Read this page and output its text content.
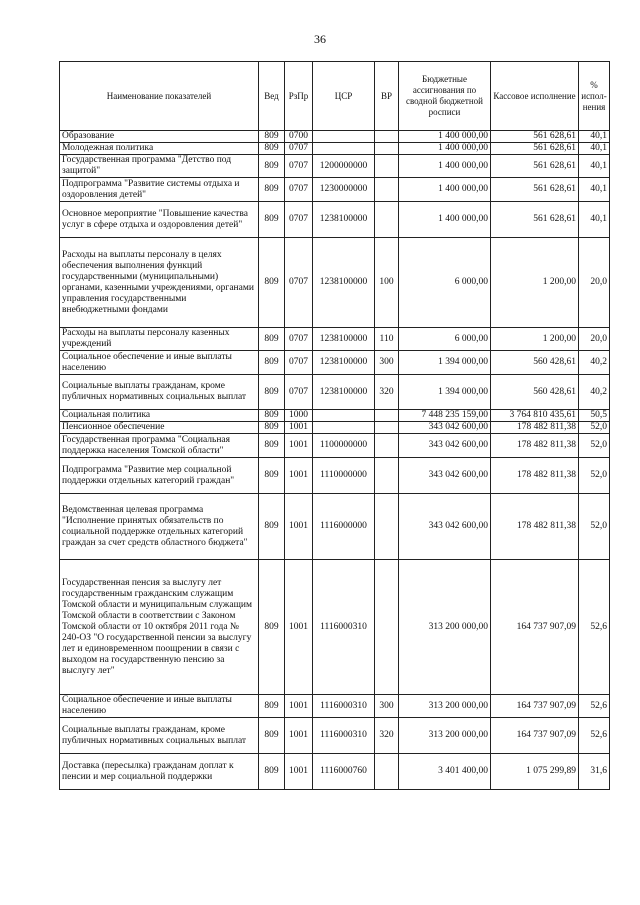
36
Наименование показателей	Вед	РзПр	ЦСР	ВР	Бюджетные ассигнования по сводной бюджетной росписи	Кассовое исполнение	% испол-нения
Образование	809	0700			1 400 000,00	561 628,61	40,1
Молодежная политика	809	0707			1 400 000,00	561 628,61	40,1
Государственная программа "Детство под защитой"	809	0707	1200000000		1 400 000,00	561 628,61	40,1
Подпрограмма "Развитие системы отдыха и оздоровления детей"	809	0707	1230000000		1 400 000,00	561 628,61	40,1
Основное мероприятие "Повышение качества услуг в сфере отдыха и оздоровления детей"	809	0707	1238100000		1 400 000,00	561 628,61	40,1
Расходы на выплаты персоналу в целях обеспечения выполнения функций государственными (муниципальными) органами, казенными учреждениями, органами управления государственными внебюджетными фондами	809	0707	1238100000	100	6 000,00	1 200,00	20,0
Расходы на выплаты персоналу казенных учреждений	809	0707	1238100000	110	6 000,00	1 200,00	20,0
Социальное обеспечение и иные выплаты населению	809	0707	1238100000	300	1 394 000,00	560 428,61	40,2
Социальные выплаты гражданам, кроме публичных нормативных социальных выплат	809	0707	1238100000	320	1 394 000,00	560 428,61	40,2
Социальная политика	809	1000			7 448 235 159,00	3 764 810 435,61	50,5
Пенсионное обеспечение	809	1001			343 042 600,00	178 482 811,38	52,0
Государственная программа "Социальная поддержка населения Томской области"	809	1001	1100000000		343 042 600,00	178 482 811,38	52,0
Подпрограмма "Развитие мер социальной поддержки отдельных категорий граждан"	809	1001	1110000000		343 042 600,00	178 482 811,38	52,0
Ведомственная целевая программа "Исполнение принятых обязательств по социальной поддержке отдельных категорий граждан за счет средств областного бюджета"	809	1001	1116000000		343 042 600,00	178 482 811,38	52,0
Государственная пенсия за выслугу лет государственным гражданским служащим Томской области и муниципальным служащим Томской области в соответствии с Законом Томской области от 10 октября 2011 года № 240-ОЗ "О государственной пенсии за выслугу лет и единовременном поощрении в связи с выходом на государственную пенсию за выслугу лет"	809	1001	1116000310		313 200 000,00	164 737 907,09	52,6
Социальное обеспечение и иные выплаты населению	809	1001	1116000310	300	313 200 000,00	164 737 907,09	52,6
Социальные выплаты гражданам, кроме публичных нормативных социальных выплат	809	1001	1116000310	320	313 200 000,00	164 737 907,09	52,6
Доставка (пересылка) гражданам доплат к пенсии и мер социальной поддержки	809	1001	1116000760		3 401 400,00	1 075 299,89	31,6
